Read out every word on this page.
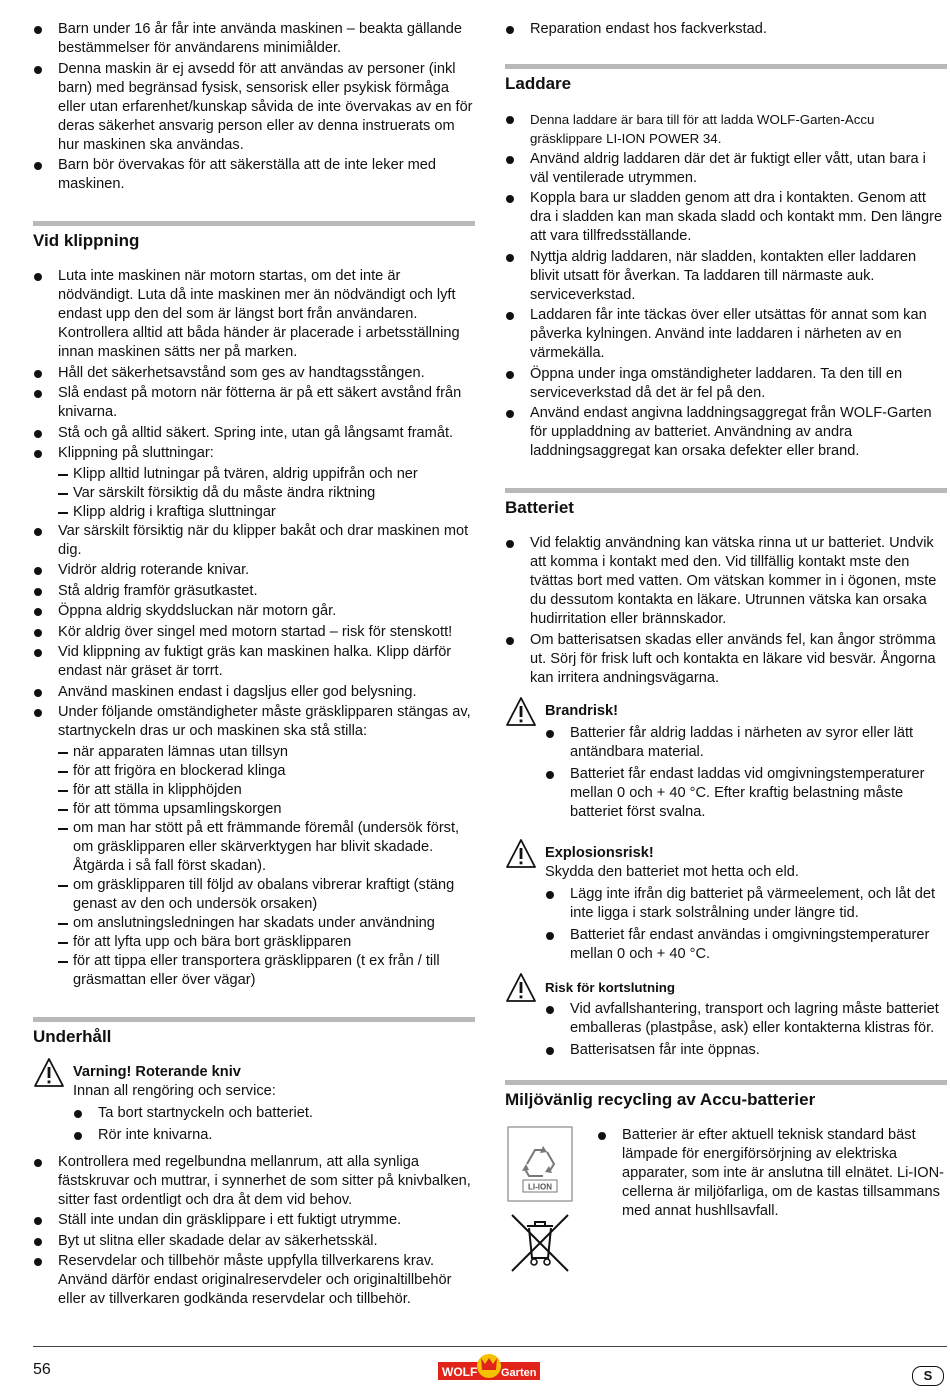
Barn under 16 år får inte använda maskinen – beakta gällande bestämmelser för användarens minimiålder.
Denna maskin är ej avsedd för att användas av personer (inkl barn) med begränsad fysisk, sensorisk eller psykisk förmåga eller utan erfarenhet/kunskap såvida de inte övervakas av en för deras säkerhet ansvarig person eller av denna instruerats om hur maskinen ska användas.
Barn bör övervakas för att säkerställa att de inte leker med maskinen.
Vid klippning
Luta inte maskinen när motorn startas, om det inte är nödvändigt. Luta då inte maskinen mer än nödvändigt och lyft endast upp den del som är längst bort från användaren. Kontrollera alltid att båda händer är placerade i arbetsställning innan maskinen sätts ner på marken.
Håll det säkerhetsavstånd som ges av handtagsstången.
Slå endast på motorn när fötterna är på ett säkert avstånd från knivarna.
Stå och gå alltid säkert. Spring inte, utan gå långsamt framåt.
Klippning på sluttningar:
Klipp alltid lutningar på tvären, aldrig uppifrån och ner
Var särskilt försiktig då du måste ändra riktning
Klipp aldrig i kraftiga sluttningar
Var särskilt försiktig när du klipper bakåt och drar maskinen mot dig.
Vidrör aldrig roterande knivar.
Stå aldrig framför gräsutkastet.
Öppna aldrig skyddsluckan när motorn går.
Kör aldrig över singel med motorn startad – risk för stenskott!
Vid klippning av fuktigt gräs kan maskinen halka. Klipp därför endast när gräset är torrt.
Använd maskinen endast i dagsljus eller god belysning.
Under följande omständigheter måste gräsklipparen stängas av, startnyckeln dras ur och maskinen ska stå stilla:
när apparaten lämnas utan tillsyn
för att frigöra en blockerad klinga
för att ställa in klipphöjden
för att tömma upsamlingskorgen
om man har stött på ett främmande föremål (undersök först, om gräsklipparen eller skärverktygen har blivit skadade. Åtgärda i så fall först skadan).
om gräsklipparen till följd av obalans vibrerar kraftigt (stäng genast av den och undersök orsaken)
om anslutningsledningen har skadats under användning
för att lyfta upp och bära bort gräsklipparen
för att tippa eller transportera gräsklipparen (t ex från / till gräsmattan eller över vägar)
Underhåll
Varning! Roterande kniv
Innan all rengöring och service:
Ta bort startnyckeln och batteriet.
Rör inte knivarna.
Kontrollera med regelbundna mellanrum, att alla synliga fästskruvar och muttrar, i synnerhet de som sitter på knivbalken, sitter fast ordentligt och dra åt dem vid behov.
Ställ inte undan din gräsklippare i ett fuktigt utrymme.
Byt ut slitna eller skadade delar av säkerhetsskäl.
Reservdelar och tillbehör måste uppfylla tillverkarens krav. Använd därför endast originalreservdeler och originaltillbehör eller av tillverkaren godkända reservdelar och tillbehör.
Reparation endast hos fackverkstad.
Laddare
Denna laddare är bara till för att ladda WOLF-Garten-Accu gräsklippare LI-ION POWER 34.
Använd aldrig laddaren där det är fuktigt eller vått, utan bara i väl ventilerade utrymmen.
Koppla bara ur sladden genom att dra i kontakten. Genom att dra i sladden kan man skada sladd och kontakt mm. Den längre att vara tillfredsställande.
Nyttja aldrig laddaren, när sladden, kontakten eller laddaren blivit utsatt för åverkan. Ta laddaren till närmaste auk. serviceverkstad.
Laddaren får inte täckas över eller utsättas för annat som kan påverka kylningen. Använd inte laddaren i närheten av en värmekälla.
Öppna under inga omständigheter laddaren. Ta den till en serviceverkstad då det är fel på den.
Använd endast angivna laddningsaggregat från WOLF-Garten för uppladdning av batteriet. Användning av andra laddningsaggregat kan orsaka defekter eller brand.
Batteriet
Vid felaktig användning kan vätska rinna ut ur batteriet. Undvik att komma i kontakt med den. Vid tillfällig kontakt mste den tvättas bort med vatten. Om vätskan kommer in i ögonen, mste du dessutom kontakta en läkare. Utrunnen vätska kan orsaka hudirritation eller brännskador.
Om batterisatsen skadas eller används fel, kan ångor strömma ut. Sörj för frisk luft och kontakta en läkare vid besvär. Ångorna kan irritera andningsvägarna.
Brandrisk!
Batterier får aldrig laddas i närheten av syror eller lätt antändbara material.
Batteriet får endast laddas vid omgivningstemperaturer mellan 0 och + 40 °C. Efter kraftig belastning måste batteriet först svalna.
Explosionsrisk!
Skydda den batteriet mot hetta och eld.
Lägg inte ifrån dig batteriet på värmeelement, och låt det inte ligga i stark solstrålning under längre tid.
Batteriet får endast användas i omgivningstemperaturer mellan 0 och + 40 °C.
Risk för kortslutning
Vid avfallshantering, transport och lagring måste batteriet emballeras (plastpåse, ask) eller kontakterna klistras för.
Batterisatsen får inte öppnas.
Miljövänlig recycling av Accu-batterier
LI-ION

Batterier är efter aktuell teknisk standard bäst lämpade för energiförsörjning av elektriska apparater, som inte är anslutna till elnätet. Li-ION-cellerna är miljöfarliga, om de kastas tillsammans med annat hushllsavfall.
56	WOLF Garten	S
